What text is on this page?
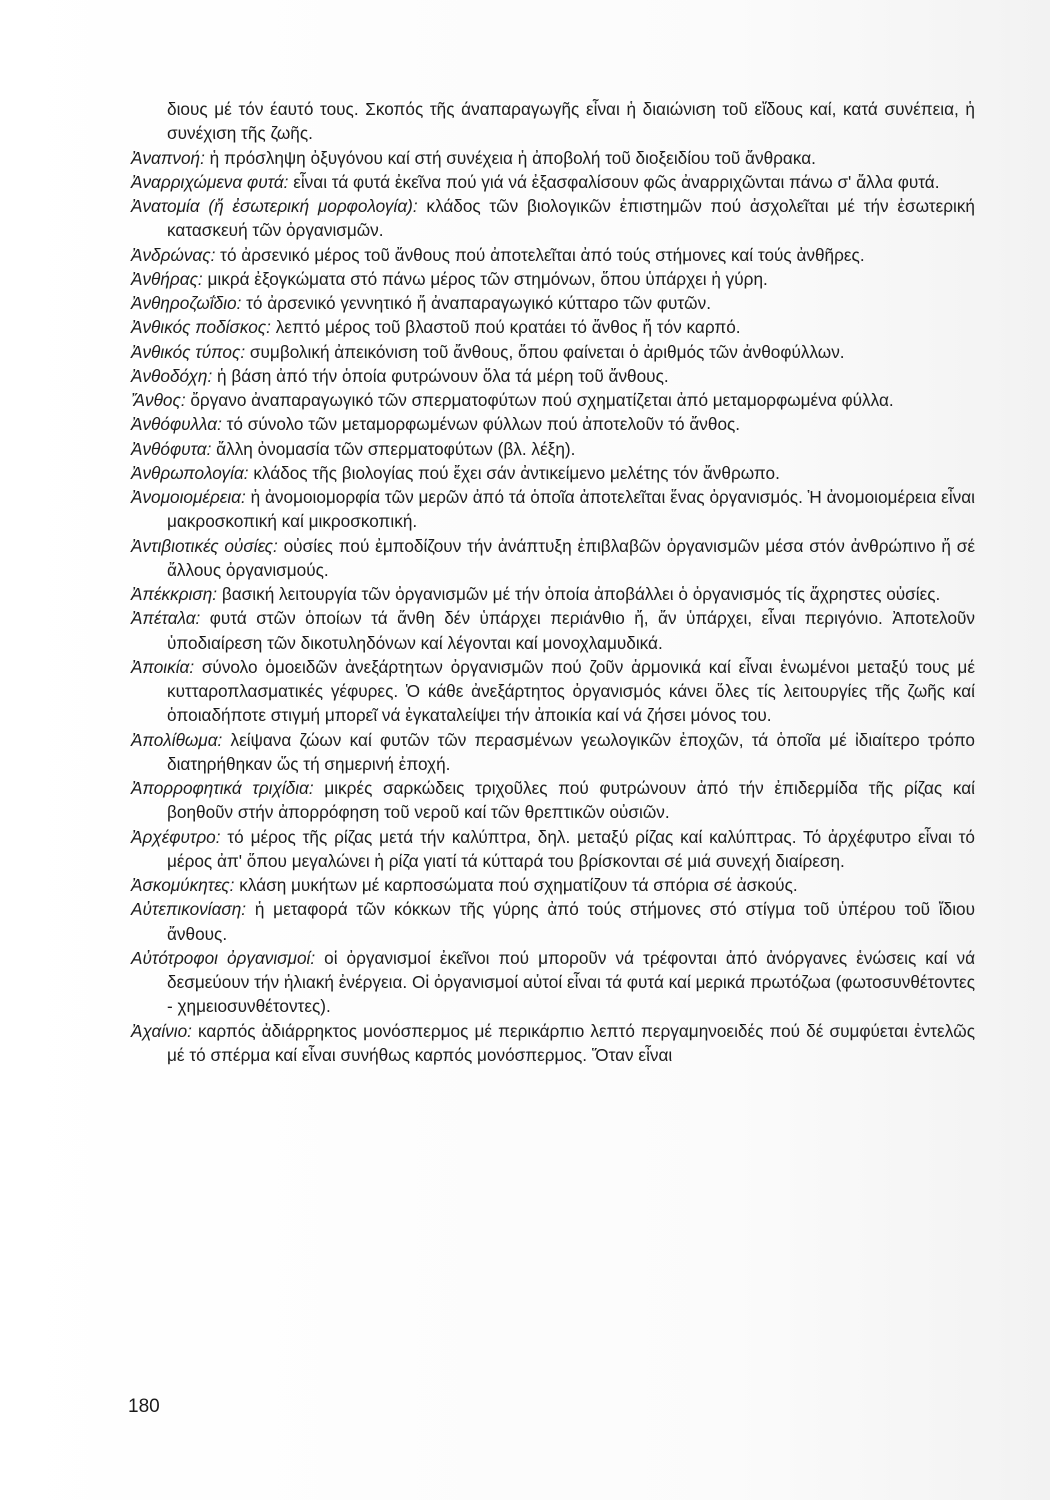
διους μέ τόν έαυτό τους. Σκοπός τῆς άναπαραγωγῆς εἶναι ἡ διαιώνιση τοῦ εἴδους καί, κατά συνέπεια, ἡ συνέχιση τῆς ζωῆς.

Ἀναπνοή: ἡ πρόσληψη ὀξυγόνου καί στή συνέχεια ἡ ἀποβολή τοῦ διοξειδίου τοῦ ἄνθρακα.

Ἀναρριχώμενα φυτά: εἶναι τά φυτά ἐκεῖνα πού γιά νά ἐξασφαλίσουν φῶς ἀναρριχῶνται πάνω σ' ἄλλα φυτά.

Ἀνατομία (ἤ ἐσωτερική μορφολογία): κλάδος τῶν βιολογικῶν ἐπιστημῶν πού ἀσχολεῖται μέ τήν ἐσωτερική κατασκευή τῶν ὀργανισμῶν.

Ἀνδρώνας: τό ἀρσενικό μέρος τοῦ ἄνθους πού ἀποτελεῖται ἀπό τούς στήμονες καί τούς ἀνθῆρες.

Ἀνθήρας: μικρά ἐξογκώματα στό πάνω μέρος τῶν στημόνων, ὅπου ὑπάρχει ἡ γύρη.

Ἀνθηροζωΐδιο: τό ἀρσενικό γεννητικό ἤ ἀναπαραγωγικό κύτταρο τῶν φυτῶν.

Ἀνθικός ποδίσκος: λεπτό μέρος τοῦ βλαστοῦ πού κρατάει τό ἄνθος ἤ τόν καρπό.

Ἀνθικός τύπος: συμβολική ἀπεικόνιση τοῦ ἄνθους, ὅπου φαίνεται ὁ ἀριθμός τῶν ἀνθοφύλλων.

Ἀνθοδόχη: ἡ βάση ἀπό τήν ὁποία φυτρώνουν ὅλα τά μέρη τοῦ ἄνθους.

Ἄνθος: ὄργανο ἀναπαραγωγικό τῶν σπερματοφύτων πού σχηματίζεται ἀπό μεταμορφωμένα φύλλα.

Ἀνθόφυλλα: τό σύνολο τῶν μεταμορφωμένων φύλλων πού ἀποτελοῦν τό ἄνθος.

Ἀνθόφυτα: ἄλλη ὀνομασία τῶν σπερματοφύτων (βλ. λέξη).

Ἀνθρωπολογία: κλάδος τῆς βιολογίας πού ἔχει σάν ἀντικείμενο μελέτης τόν ἄνθρωπο.

Ἀνομοιομέρεια: ἡ ἀνομοιομορφία τῶν μερῶν ἀπό τά ὁποῖα ἀποτελεῖται ἕνας ὀργανισμός. Ἡ ἀνομοιομέρεια εἶναι μακροσκοπική καί μικροσκοπική.

Ἀντιβιοτικές οὐσίες: οὐσίες πού ἐμποδίζουν τήν ἀνάπτυξη ἐπιβλαβῶν ὀργανισμῶν μέσα στόν ἀνθρώπινο ἤ σέ ἄλλους ὀργανισμούς.

Ἀπέκκριση: βασική λειτουργία τῶν ὀργανισμῶν μέ τήν ὁποία ἀποβάλλει ὁ ὀργανισμός τίς ἄχρηστες οὐσίες.

Ἀπέταλα: φυτά στῶν ὁποίων τά ἄνθη δέν ὑπάρχει περιάνθιο ἤ, ἄν ὑπάρχει, εἶναι περιγόνιο. Ἀποτελοῦν ὑποδιαίρεση τῶν δικοτυληδόνων καί λέγονται καί μονοχλαμυδικά.

Ἀποικία: σύνολο ὁμοειδῶν ἀνεξάρτητων ὀργανισμῶν πού ζοῦν ἁρμονικά καί εἶναι ἑνωμένοι μεταξύ τους μέ κυτταροπλασματικές γέφυρες. Ὁ κάθε ἀνεξάρτητος ὀργανισμός κάνει ὅλες τίς λειτουργίες τῆς ζωῆς καί ὁποιαδήποτε στιγμή μπορεῖ νά ἐγκαταλείψει τήν ἀποικία καί νά ζήσει μόνος του.

Ἀπολίθωμα: λείψανα ζώων καί φυτῶν τῶν περασμένων γεωλογικῶν ἐποχῶν, τά ὁποῖα μέ ἰδιαίτερο τρόπο διατηρήθηκαν ὥς τή σημερινή ἐποχή.

Ἀπορροφητικά τριχίδια: μικρές σαρκώδεις τριχοῦλες πού φυτρώνουν ἀπό τήν ἐπιδερμίδα τῆς ρίζας καί βοηθοῦν στήν ἀπορρόφηση τοῦ νεροῦ καί τῶν θρεπτικῶν οὐσιῶν.

Ἀρχέφυτρο: τό μέρος τῆς ρίζας μετά τήν καλύπτρα, δηλ. μεταξύ ρίζας καί καλύπτρας. Τό ἀρχέφυτρο εἶναι τό μέρος ἀπ' ὅπου μεγαλώνει ἡ ρίζα γιατί τά κύτταρά του βρίσκονται σέ μιά συνεχή διαίρεση.

Ἀσκομύκητες: κλάση μυκήτων μέ καρποσώματα πού σχηματίζουν τά σπόρια σέ ἀσκούς.

Αὐτεπικονίαση: ἡ μεταφορά τῶν κόκκων τῆς γύρης ἀπό τούς στήμονες στό στίγμα τοῦ ὑπέρου τοῦ ἴδιου ἄνθους.

Αὐτότροφοι ὀργανισμοί: οἱ ὀργανισμοί ἐκεῖνοι πού μποροῦν νά τρέφονται ἀπό ἀνόργανες ἑνώσεις καί νά δεσμεύουν τήν ἡλιακή ἐνέργεια. Οἱ ὀργανισμοί αὐτοί εἶναι τά φυτά καί μερικά πρωτόζωα (φωτοσυνθέτοντες - χημειοσυνθέτοντες).

Ἀχαίνιο: καρπός ἀδιάρρηκτος μονόσπερμος μέ περικάρπιο λεπτό περγαμηνοειδές πού δέ συμφύεται ἐντελῶς μέ τό σπέρμα καί εἶναι συνήθως καρπός μονόσπερμος. Ὅταν εἶναι

180
